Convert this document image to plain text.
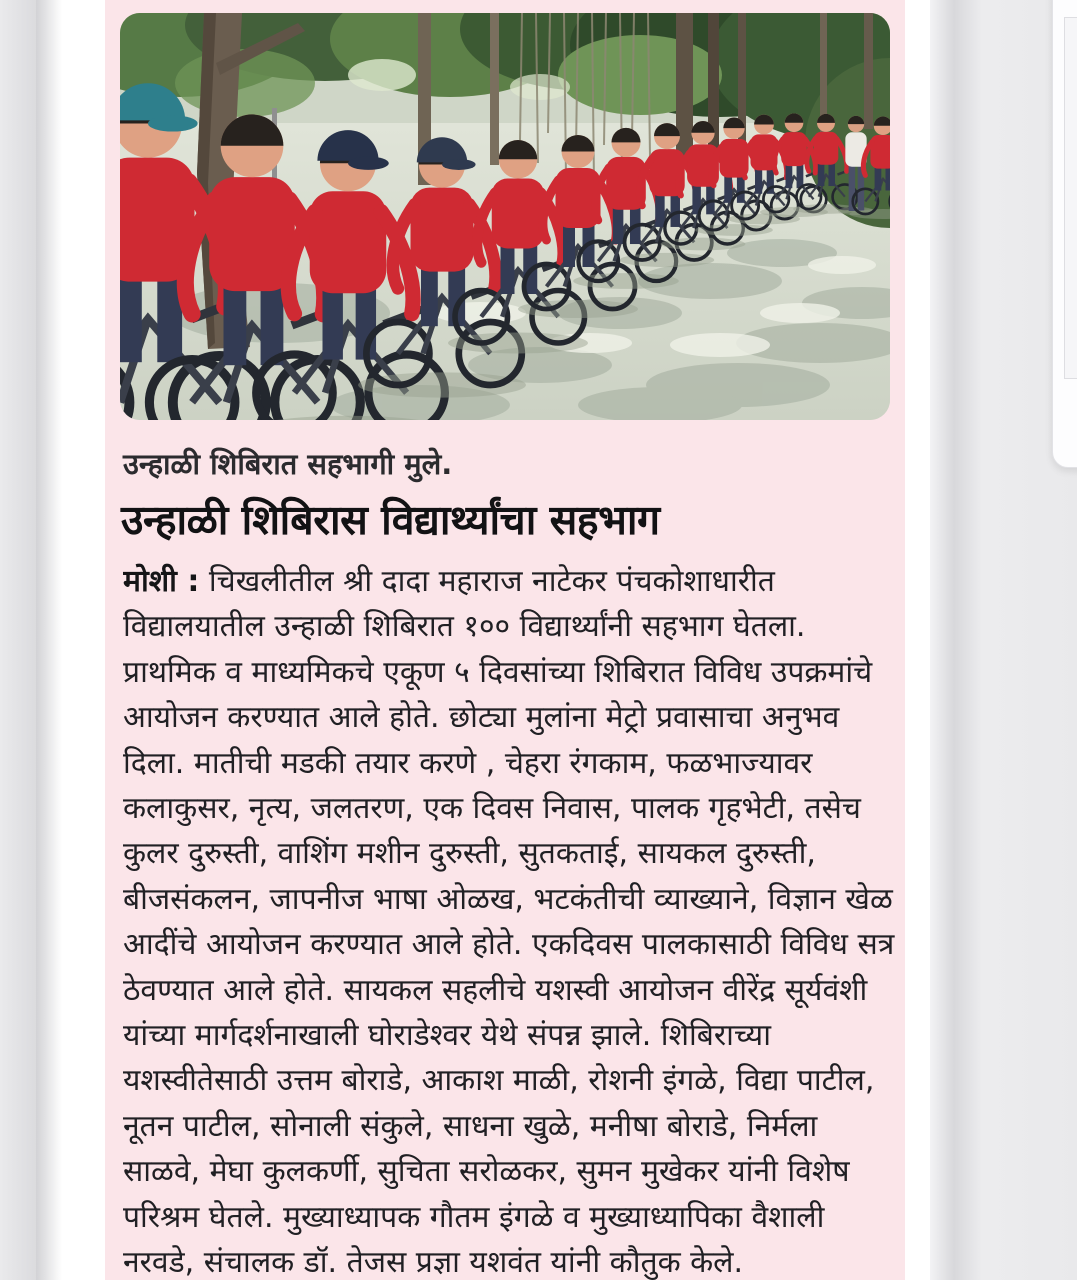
उन्हाळी शिबिरात सहभागी मुले.
उन्हाळी शिबिरास विद्यार्थ्यांचा सहभाग
मोशी : चिखलीतील श्री दादा महाराज नाटेकर पंचकोशाधारीत
विद्यालयातील उन्हाळी शिबिरात १०० विद्यार्थ्यांनी सहभाग घेतला.
प्राथमिक व माध्यमिकचे एकूण ५ दिवसांच्या शिबिरात विविध उपक्रमांचे
आयोजन करण्यात आले होते. छोट्या मुलांना मेट्रो प्रवासाचा अनुभव
दिला. मातीची मडकी तयार करणे , चेहरा रंगकाम, फळभाज्यावर
कलाकुसर, नृत्य, जलतरण, एक दिवस निवास, पालक गृहभेटी, तसेच
कुलर दुरुस्ती, वाशिंग मशीन दुरुस्ती, सुतकताई, सायकल दुरुस्ती,
बीजसंकलन, जापनीज भाषा ओळख, भटकंतीची व्याख्याने, विज्ञान खेळ
आदींचे आयोजन करण्यात आले होते. एकदिवस पालकासाठी विविध सत्र
ठेवण्यात आले होते. सायकल सहलीचे यशस्वी आयोजन वीरेंद्र सूर्यवंशी
यांच्या मार्गदर्शनाखाली घोराडेश्वर येथे संपन्न झाले. शिबिराच्या
यशस्वीतेसाठी उत्तम बोराडे, आकाश माळी, रोशनी इंगळे, विद्या पाटील,
नूतन पाटील, सोनाली संकुले, साधना खुळे, मनीषा बोराडे, निर्मला
साळवे, मेघा कुलकर्णी, सुचिता सरोळकर, सुमन मुखेकर यांनी विशेष
परिश्रम घेतले. मुख्याध्यापक गौतम इंगळे व मुख्याध्यापिका वैशाली
नरवडे, संचालक डॉ. तेजस प्रज्ञा यशवंत यांनी कौतुक केले.
